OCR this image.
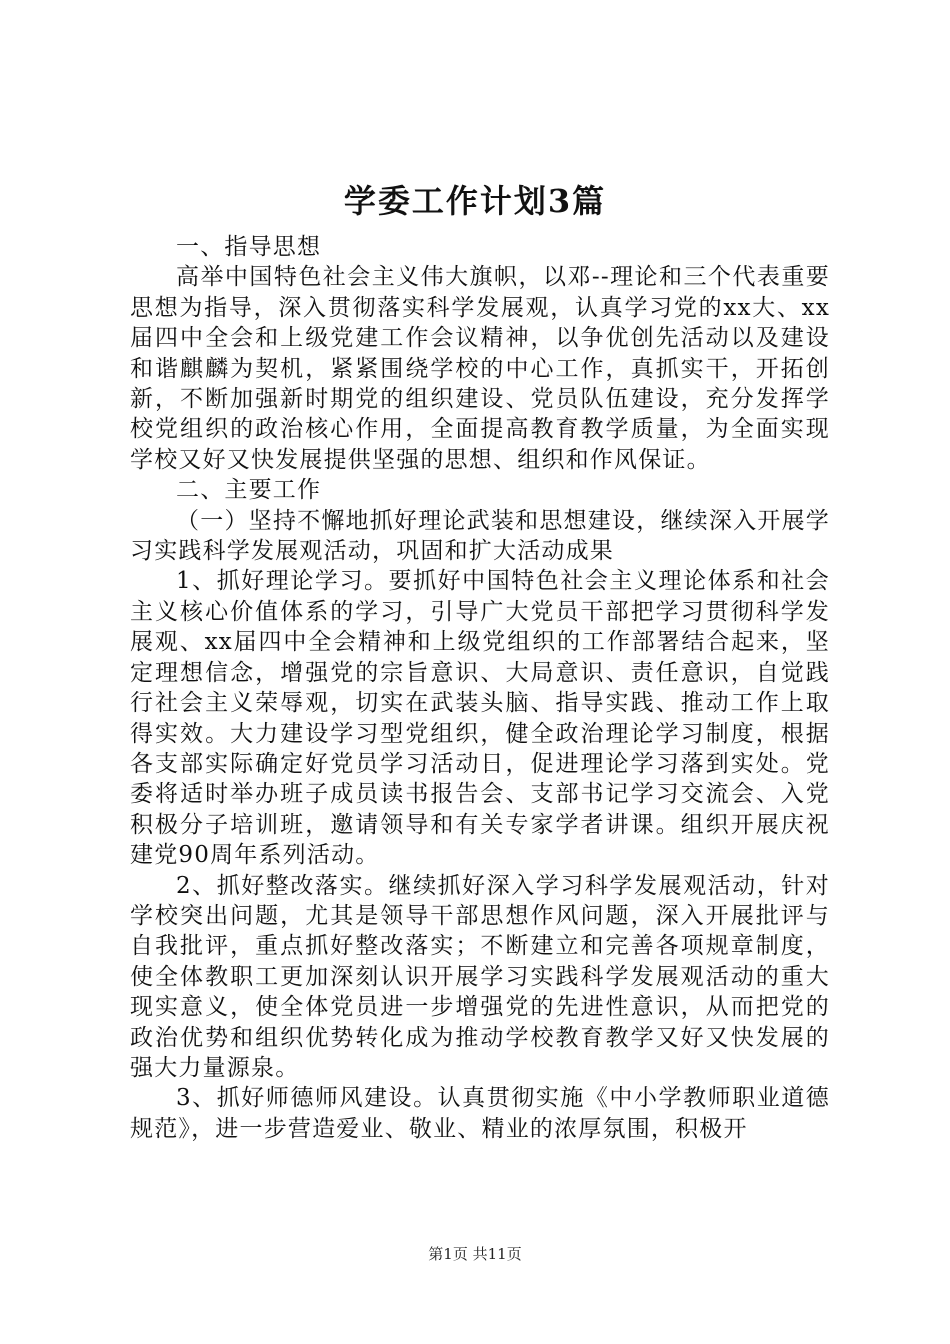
学委工作计划3篇

一、指导思想

高举中国特色社会主义伟大旗帜，以邓--理论和三个代表重要思想为指导，深入贯彻落实科学发展观，认真学习党的xx大、xx届四中全会和上级党建工作会议精神，以争优创先活动以及建设和谐麒麟为契机，紧紧围绕学校的中心工作，真抓实干，开拓创新，不断加强新时期党的组织建设、党员队伍建设，充分发挥学校党组织的政治核心作用，全面提高教育教学质量，为全面实现学校又好又快发展提供坚强的思想、组织和作风保证。

二、主要工作

（一）坚持不懈地抓好理论武装和思想建设，继续深入开展学习实践科学发展观活动，巩固和扩大活动成果

1、抓好理论学习。要抓好中国特色社会主义理论体系和社会主义核心价值体系的学习，引导广大党员干部把学习贯彻科学发展观、xx届四中全会精神和上级党组织的工作部署结合起来，坚定理想信念，增强党的宗旨意识、大局意识、责任意识，自觉践行社会主义荣辱观，切实在武装头脑、指导实践、推动工作上取得实效。大力建设学习型党组织，健全政治理论学习制度，根据各支部实际确定好党员学习活动日，促进理论学习落到实处。党委将适时举办班子成员读书报告会、支部书记学习交流会、入党积极分子培训班，邀请领导和有关专家学者讲课。组织开展庆祝建党90周年系列活动。

2、抓好整改落实。继续抓好深入学习科学发展观活动，针对学校突出问题，尤其是领导干部思想作风问题，深入开展批评与自我批评，重点抓好整改落实；不断建立和完善各项规章制度，使全体教职工更加深刻认识开展学习实践科学发展观活动的重大现实意义，使全体党员进一步增强党的先进性意识，从而把党的政治优势和组织优势转化成为推动学校教育教学又好又快发展的强大力量源泉。

3、抓好师德师风建设。认真贯彻实施《中小学教师职业道德规范》，进一步营造爱业、敬业、精业的浓厚氛围，积极开

第1页 共11页
